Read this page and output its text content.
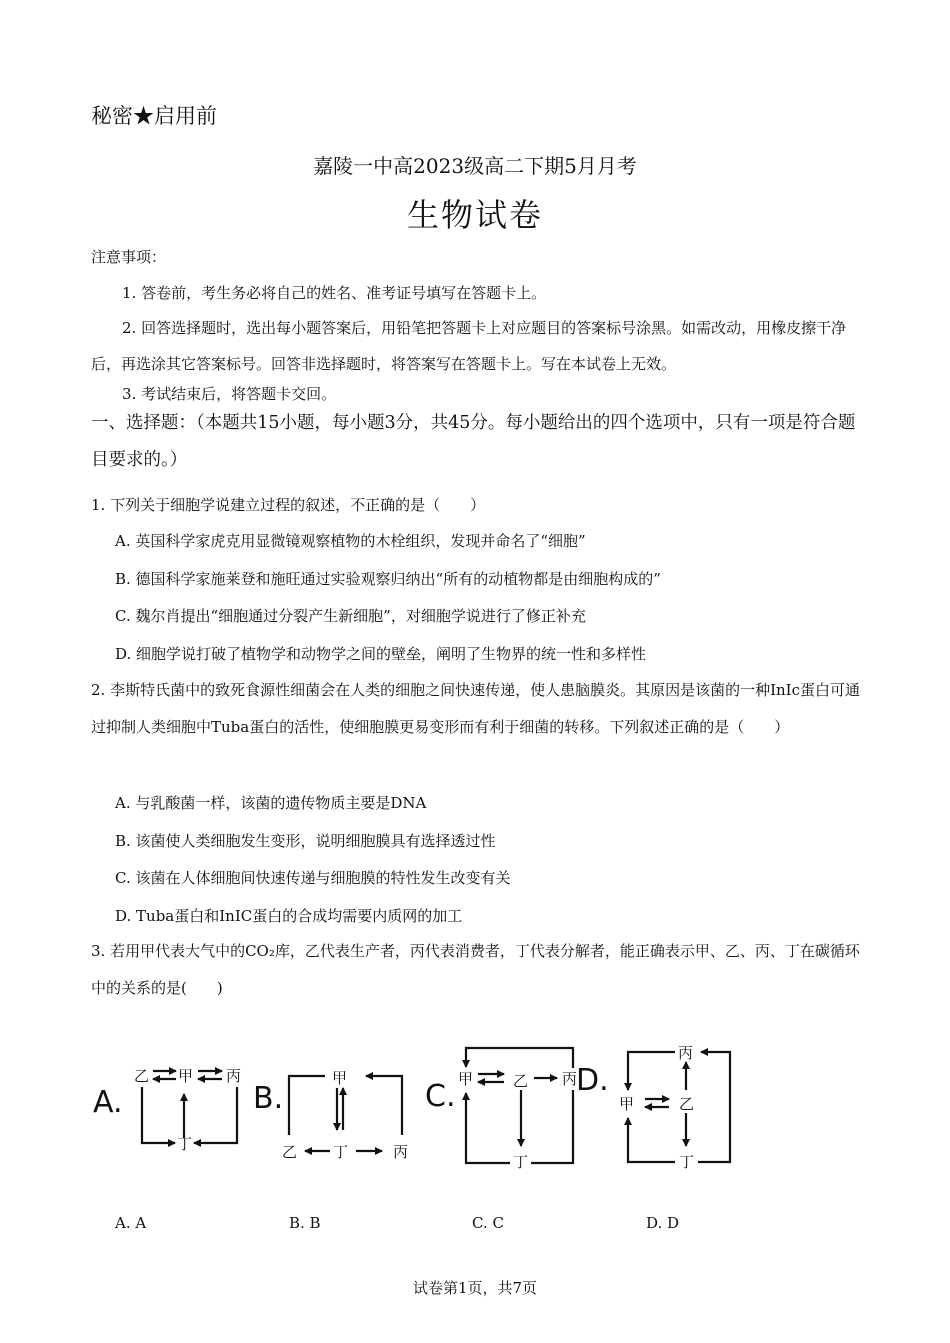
秘密★启用前
嘉陵一中高2023级高二下期5月月考
生物试卷
注意事项：
1. 答卷前，考生务必将自己的姓名、准考证号填写在答题卡上。
2. 回答选择题时，选出每小题答案后，用铅笔把答题卡上对应题目的答案标号涂黑。如需改动，用橡皮擦干净后，再选涂其它答案标号。回答非选择题时，将答案写在答题卡上。写在本试卷上无效。
3. 考试结束后，将答题卡交回。
一、选择题：（本题共15小题，每小题3分，共45分。每小题给出的四个选项中，只有一项是符合题目要求的。）
1. 下列关于细胞学说建立过程的叙述，不正确的是（　　）
A. 英国科学家虎克用显微镜观察植物的木栓组织，发现并命名了“细胞”
B. 德国科学家施莱登和施旺通过实验观察归纳出“所有的动植物都是由细胞构成的”
C. 魏尔肖提出“细胞通过分裂产生新细胞”，对细胞学说进行了修正补充
D. 细胞学说打破了植物学和动物学之间的壁垒，阐明了生物界的统一性和多样性
2. 李斯特氏菌中的致死食源性细菌会在人类的细胞之间快速传递，使人患脑膜炎。其原因是该菌的一种InIc蛋白可通过抑制人类细胞中Tuba蛋白的活性，使细胞膜更易变形而有利于细菌的转移。下列叙述正确的是（　　）
A. 与乳酸菌一样，该菌的遗传物质主要是DNA
B. 该菌使人类细胞发生变形，说明细胞膜具有选择透过性
C. 该菌在人体细胞间快速传递与细胞膜的特性发生改变有关
D. Tuba蛋白和InIC蛋白的合成均需要内质网的加工
3. 若用甲代表大气中的CO₂库，乙代表生产者，丙代表消费者，丁代表分解者，能正确表示甲、乙、丙、丁在碳循环中的关系的是(　　)
A.	B.	C.	D.
乙 甲 丙
丁
甲
乙 丁	丙
甲	乙 丙
丁
丙
甲	乙
丁
A. A	B. B	C. C	D. D
试卷第1页，共7页
